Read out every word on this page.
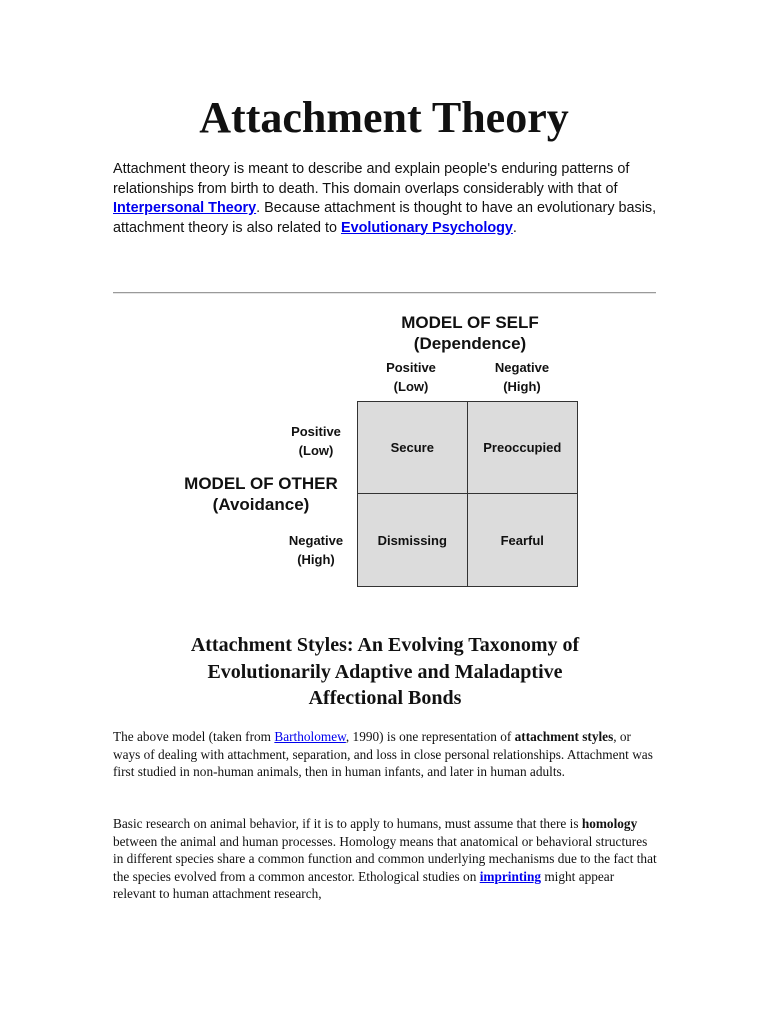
Attachment Theory

Attachment theory is meant to describe and explain people's enduring patterns of relationships from birth to death. This domain overlaps considerably with that of Interpersonal Theory. Because attachment is thought to have an evolutionary basis, attachment theory is also related to Evolutionary Psychology.

MODEL OF SELF
(Dependence)
Positive
(Low)
Negative
(High)
Positive
(Low)
MODEL OF OTHER
(Avoidance)
Negative
(High)
Secure	Preoccupied
Dismissing	Fearful
Attachment Styles: An Evolving Taxonomy of
Evolutionarily Adaptive and Maladaptive
Affectional Bonds

The above model (taken from Bartholomew, 1990) is one representation of attachment styles, or ways of dealing with attachment, separation, and loss in close personal relationships. Attachment was first studied in non-human animals, then in human infants, and later in human adults.

Basic research on animal behavior, if it is to apply to humans, must assume that there is homology between the animal and human processes. Homology means that anatomical or behavioral structures in different species share a common function and common underlying mechanisms due to the fact that the species evolved from a common ancestor. Ethological studies on imprinting might appear relevant to human attachment research,
